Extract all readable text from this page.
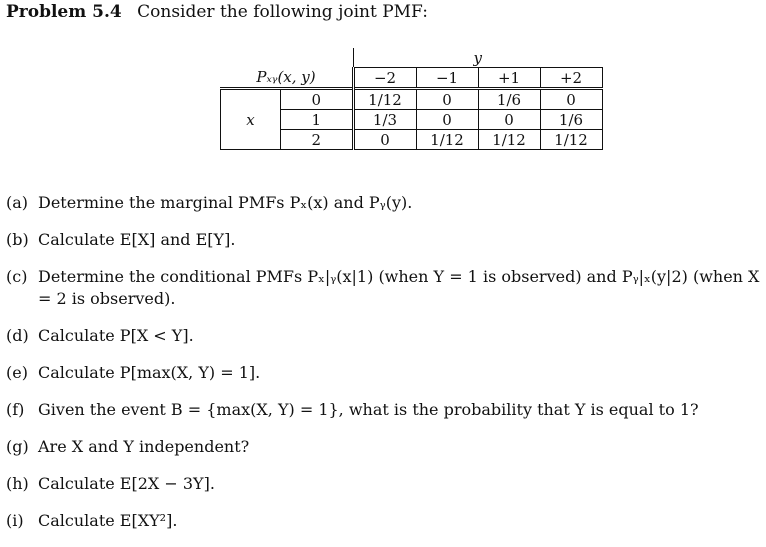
Problem 5.4 Consider the following joint PMF:
		y			
Pₓᵧ(x, y)		−2	−1	+1	+2
	0	1/12	0	1/6	0
x	1	1/3	0	0	1/6
	2	0	1/12	1/12	1/12
(a) Determine the marginal PMFs Pₓ(x) and Pᵧ(y).
(b) Calculate E[X] and E[Y].
(c) Determine the conditional PMFs Pₓ|ᵧ(x|1) (when Y = 1 is observed) and Pᵧ|ₓ(y|2) (when X = 2 is observed).
(d) Calculate P[X < Y].
(e) Calculate P[max(X, Y) = 1].
(f) Given the event B = {max(X, Y) = 1}, what is the probability that Y is equal to 1?
(g) Are X and Y independent?
(h) Calculate E[2X − 3Y].
(i) Calculate E[XY²].
